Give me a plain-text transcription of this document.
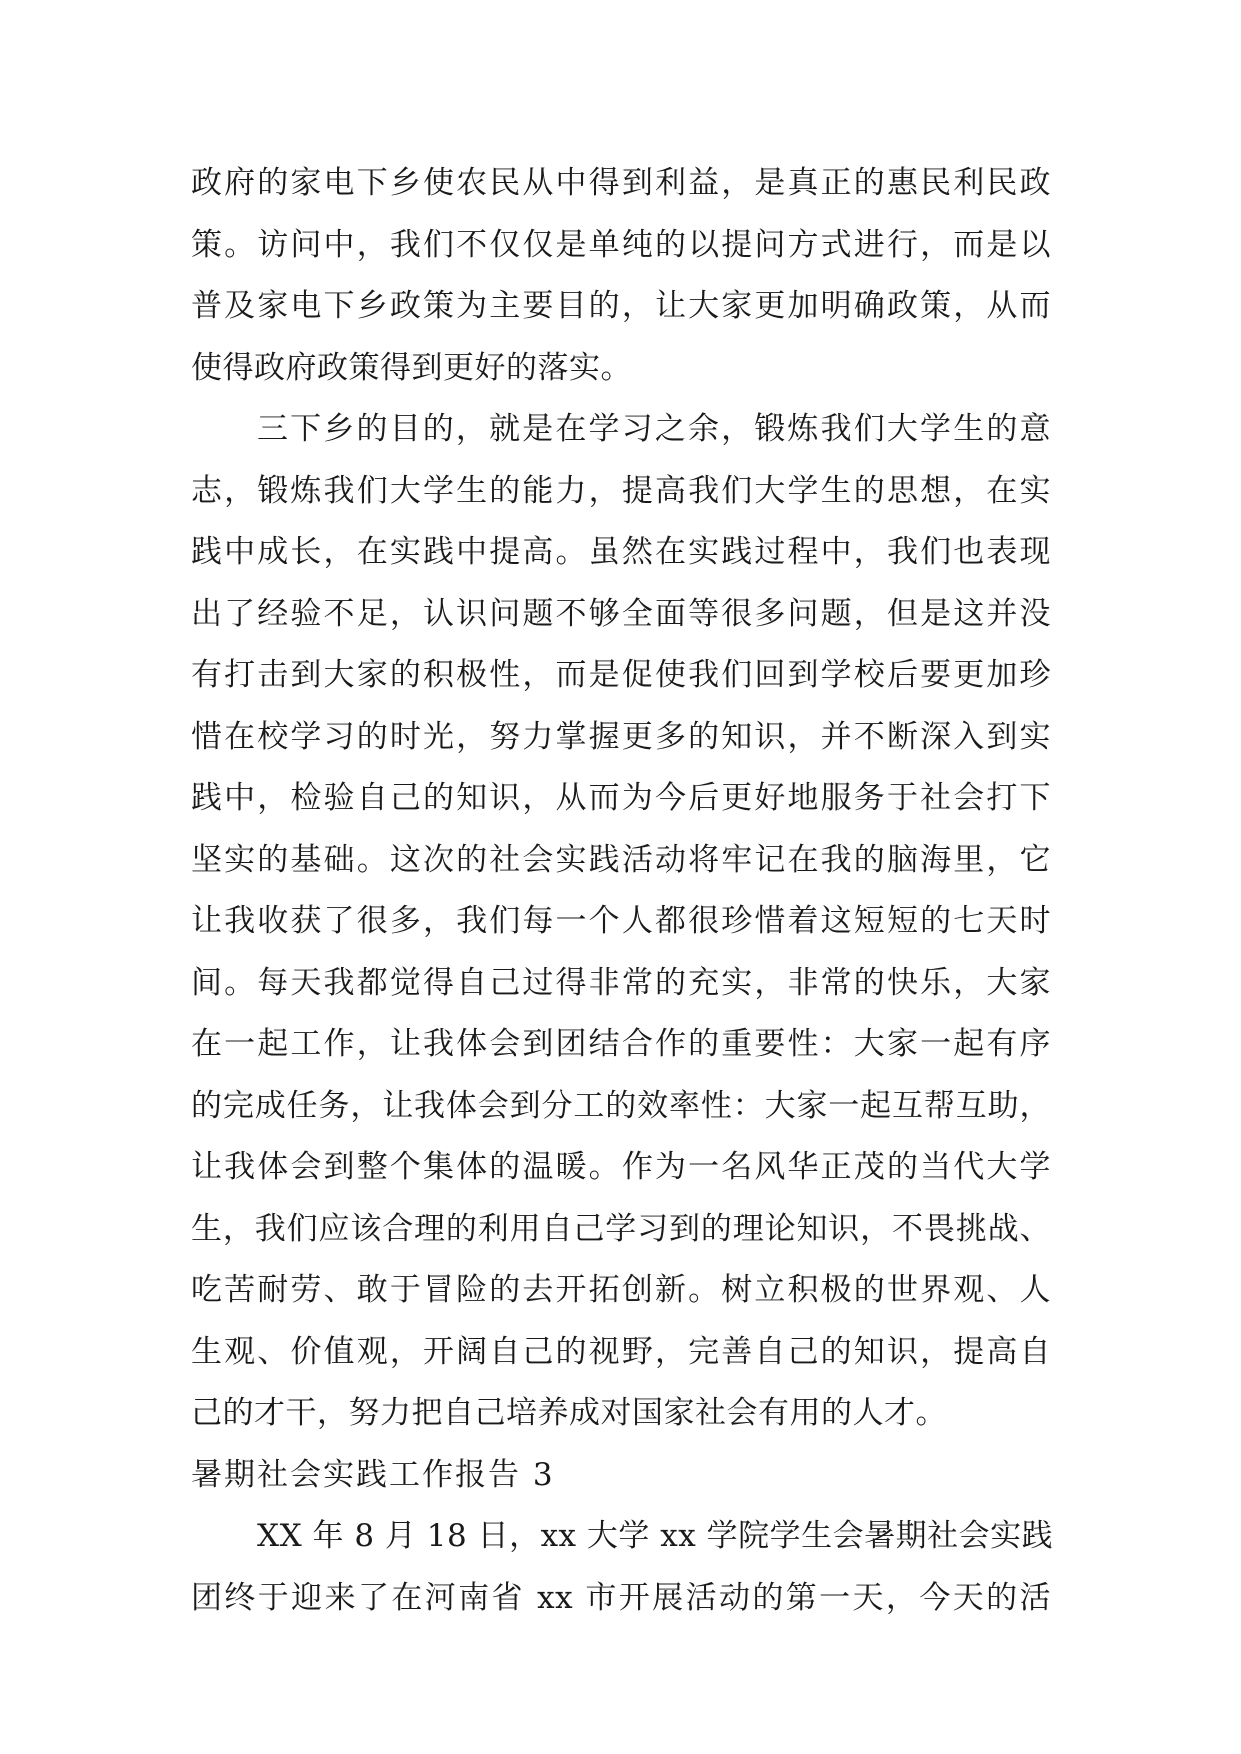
政府的家电下乡使农民从中得到利益，是真正的惠民利民政
策。访问中，我们不仅仅是单纯的以提问方式进行，而是以
普及家电下乡政策为主要目的，让大家更加明确政策，从而
使得政府政策得到更好的落实。
三下乡的目的，就是在学习之余，锻炼我们大学生的意
志，锻炼我们大学生的能力，提高我们大学生的思想，在实
践中成长，在实践中提高。虽然在实践过程中，我们也表现
出了经验不足，认识问题不够全面等很多问题，但是这并没
有打击到大家的积极性，而是促使我们回到学校后要更加珍
惜在校学习的时光，努力掌握更多的知识，并不断深入到实
践中，检验自己的知识，从而为今后更好地服务于社会打下
坚实的基础。这次的社会实践活动将牢记在我的脑海里，它
让我收获了很多，我们每一个人都很珍惜着这短短的七天时
间。每天我都觉得自己过得非常的充实，非常的快乐，大家
在一起工作，让我体会到团结合作的重要性：大家一起有序
的完成任务，让我体会到分工的效率性：大家一起互帮互助，
让我体会到整个集体的温暖。作为一名风华正茂的当代大学
生，我们应该合理的利用自己学习到的理论知识，不畏挑战、
吃苦耐劳、敢于冒险的去开拓创新。树立积极的世界观、人
生观、价值观，开阔自己的视野，完善自己的知识，提高自
己的才干，努力把自己培养成对国家社会有用的人才。
暑期社会实践工作报告 3
XX 年 8 月 18 日，xx 大学 xx 学院学生会暑期社会实践
团终于迎来了在河南省 xx 市开展活动的第一天，今天的活
